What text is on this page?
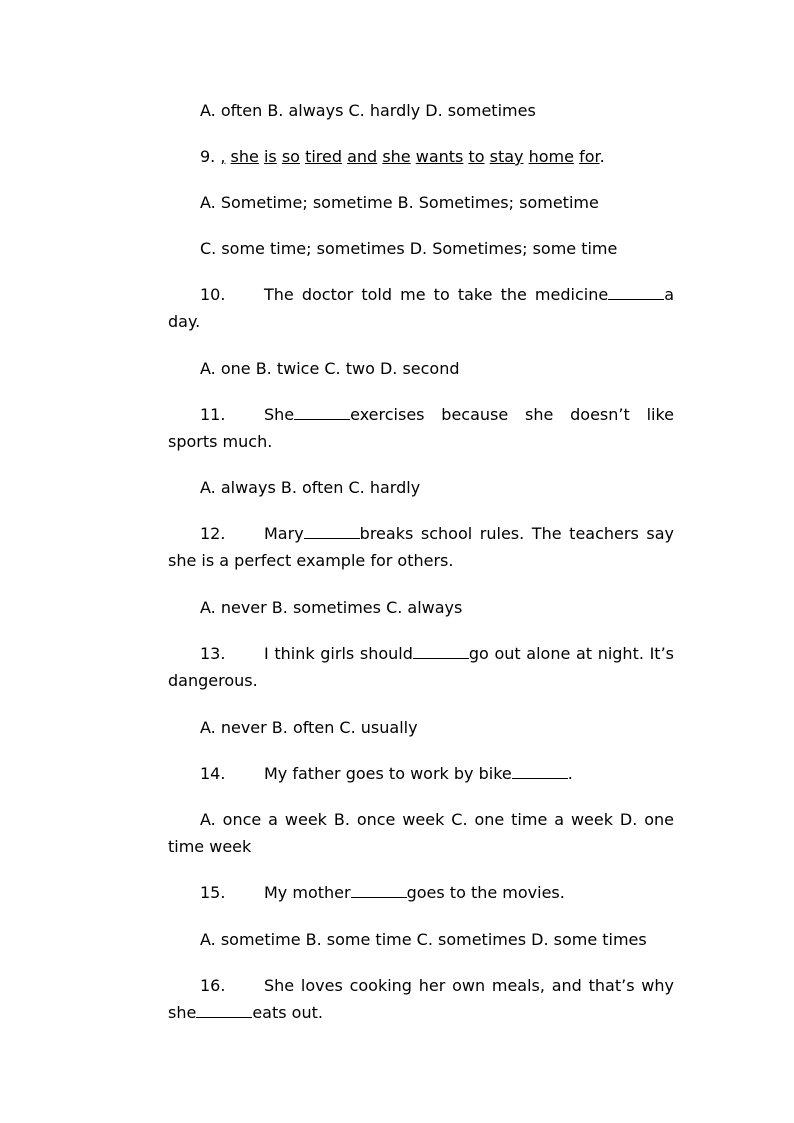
A. often B. always C. hardly D. sometimes
9. , she is so tired and she wants to stay home for.
A. Sometime; sometime B. Sometimes; sometime
C. some time; sometimes D. Sometimes; some time
10.	The doctor told me to take the medicine	a day.
A. one B. twice C. two D. second
11.	She	exercises because she doesn’t like sports much.
A. always B. often C. hardly
12.	Mary	breaks school rules. The teachers say she is a perfect example for others.
A. never B. sometimes C. always
13.	I think girls should	go out alone at night. It’s dangerous.
A. never B. often C. usually
14.	My father goes to work by bike	.
A. once a week B. once week C. one time a week D. one time week
15.	My mother	goes to the movies.
A. sometime B. some time C. sometimes D. some times
16.	She loves cooking her own meals, and that’s why she	eats out.
